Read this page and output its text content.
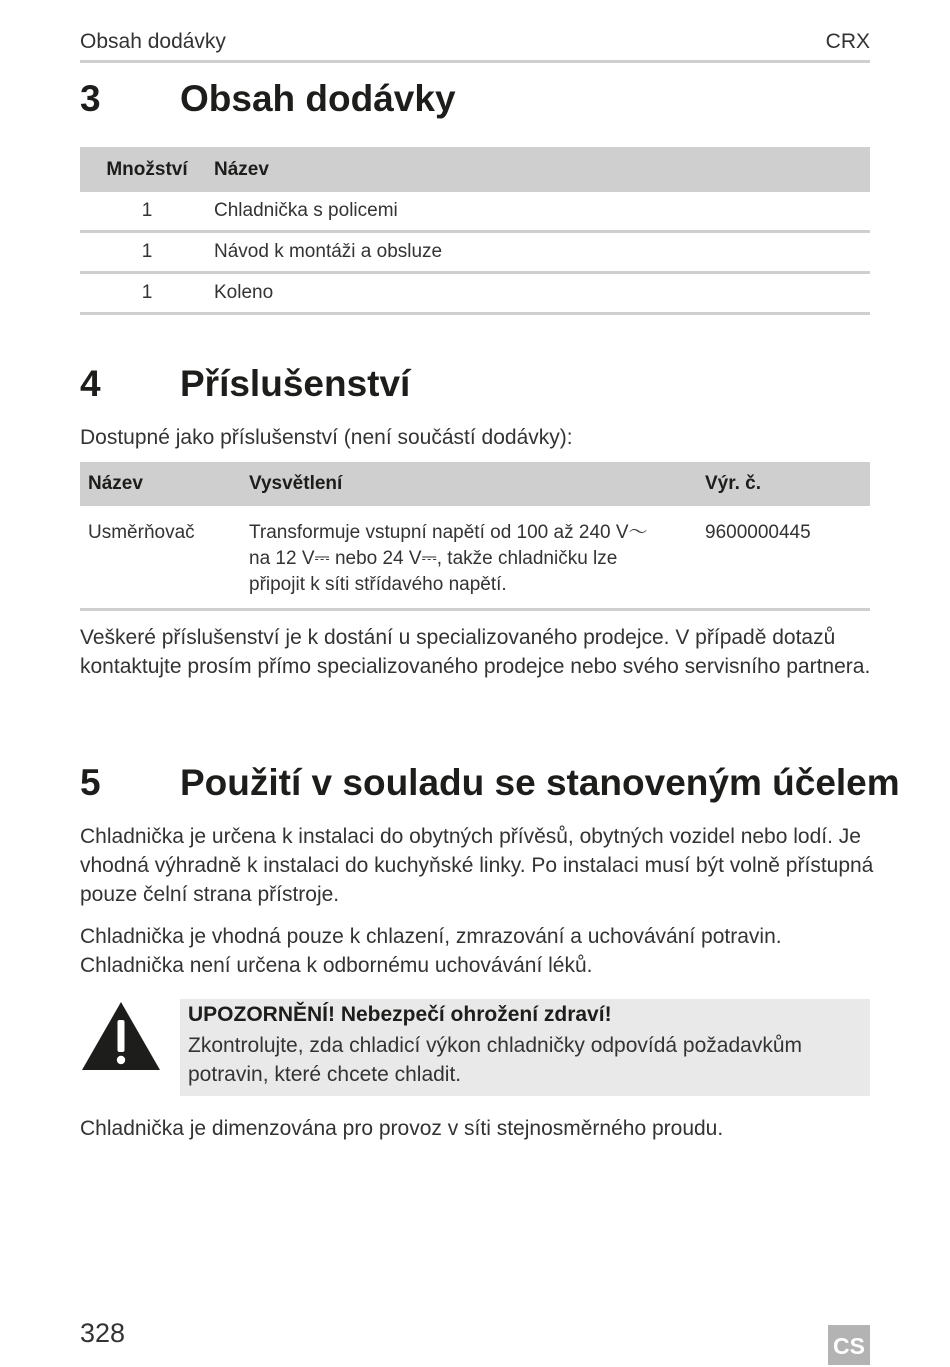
Obsah dodávky	CRX
3 Obsah dodávky
Množství	Název
1	Chladnička s policemi
1	Návod k montáži a obsluze
1	Koleno
4 Příslušenství
Dostupné jako příslušenství (není součástí dodávky):
Název	Vysvětlení	Výr. č.
Usměrňovač	Transformuje vstupní napětí od 100 až 240 V〜 na 12 V⎓ nebo 24 V⎓, takže chladničku lze připojit k síti střídavého napětí.	9600000445
Veškeré příslušenství je k dostání u specializovaného prodejce. V případě dotazů kontaktujte prosím přímo specializovaného prodejce nebo svého servisního partnera.
5 Použití v souladu se stanoveným účelem
Chladnička je určena k instalaci do obytných přívěsů, obytných vozidel nebo lodí. Je vhodná výhradně k instalaci do kuchyňské linky. Po instalaci musí být volně přístupná pouze čelní strana přístroje.
Chladnička je vhodná pouze k chlazení, zmrazování a uchovávání potravin. Chladnička není určena k odbornému uchovávání léků.
UPOZORNĚNÍ! Nebezpečí ohrožení zdraví!
Zkontrolujte, zda chladicí výkon chladničky odpovídá požadavkům potravin, které chcete chladit.
Chladnička je dimenzována pro provoz v síti stejnosměrného proudu.
328	CS
